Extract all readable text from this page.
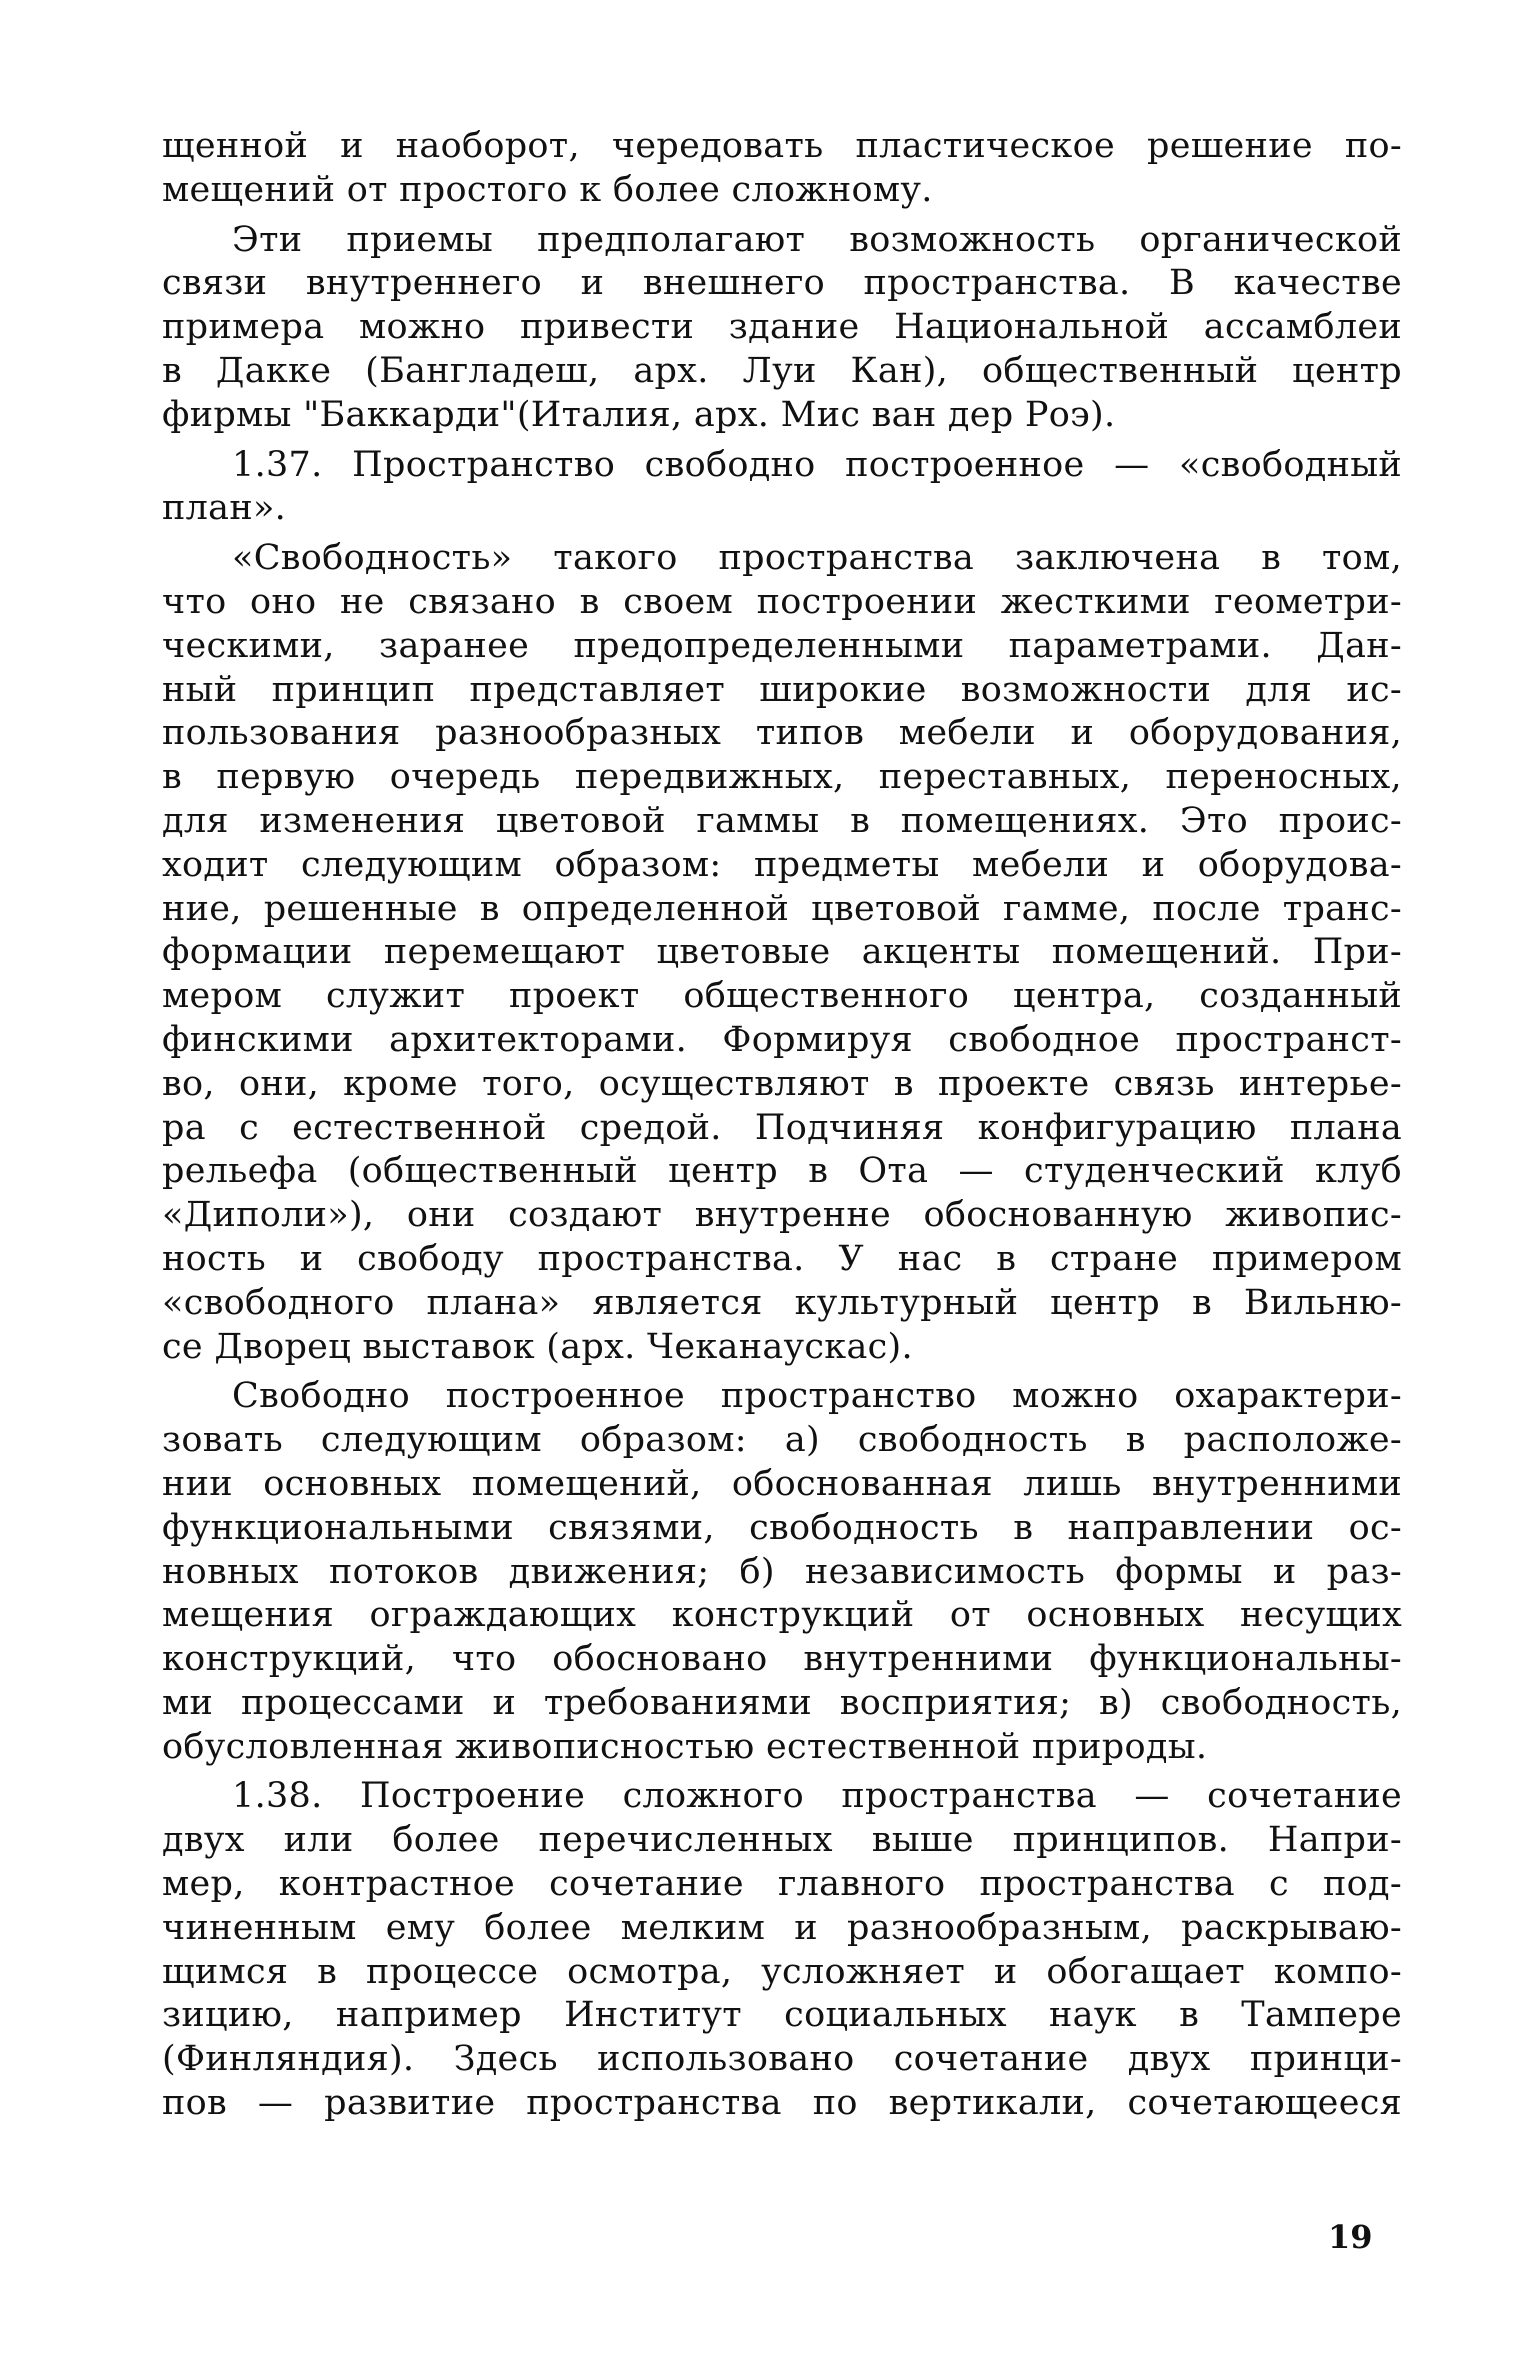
щенной и наоборот, чередовать пластическое решение по-
мещений от простого к более сложному.
Эти приемы предполагают возможность органической
связи внутреннего и внешнего пространства. В качестве
примера можно привести здание Национальной ассамблеи
в Дакке (Бангладеш, арх. Луи Кан), общественный центр
фирмы "Баккарди"(Италия, арх. Мис ван дер Роэ).
1.37. Пространство свободно построенное — «свободный
план».
«Свободность» такого пространства заключена в том,
что оно не связано в своем построении жесткими геометри-
ческими, заранее предопределенными параметрами. Дан-
ный принцип представляет широкие возможности для ис-
пользования разнообразных типов мебели и оборудования,
в первую очередь передвижных, переставных, переносных,
для изменения цветовой гаммы в помещениях. Это проис-
ходит следующим образом: предметы мебели и оборудова-
ние, решенные в определенной цветовой гамме, после транс-
формации перемещают цветовые акценты помещений. При-
мером служит проект общественного центра, созданный
финскими архитекторами. Формируя свободное пространст-
во, они, кроме того, осуществляют в проекте связь интерье-
ра с естественной средой. Подчиняя конфигурацию плана
рельефа (общественный центр в Ота — студенческий клуб
«Диполи»), они создают внутренне обоснованную живопис-
ность и свободу пространства. У нас в стране примером
«свободного плана» является культурный центр в Вильню-
се Дворец выставок (арх. Чеканаускас).
Свободно построенное пространство можно охарактери-
зовать следующим образом: а) свободность в расположе-
нии основных помещений, обоснованная лишь внутренними
функциональными связями, свободность в направлении ос-
новных потоков движения; б) независимость формы и раз-
мещения ограждающих конструкций от основных несущих
конструкций, что обосновано внутренними функциональны-
ми процессами и требованиями восприятия; в) свободность,
обусловленная живописностью естественной природы.
1.38. Построение сложного пространства — сочетание
двух или более перечисленных выше принципов. Напри-
мер, контрастное сочетание главного пространства с под-
чиненным ему более мелким и разнообразным, раскрываю-
щимся в процессе осмотра, усложняет и обогащает компо-
зицию, например Институт социальных наук в Тампере
(Финляндия). Здесь использовано сочетание двух принци-
пов — развитие пространства по вертикали, сочетающееся
19
